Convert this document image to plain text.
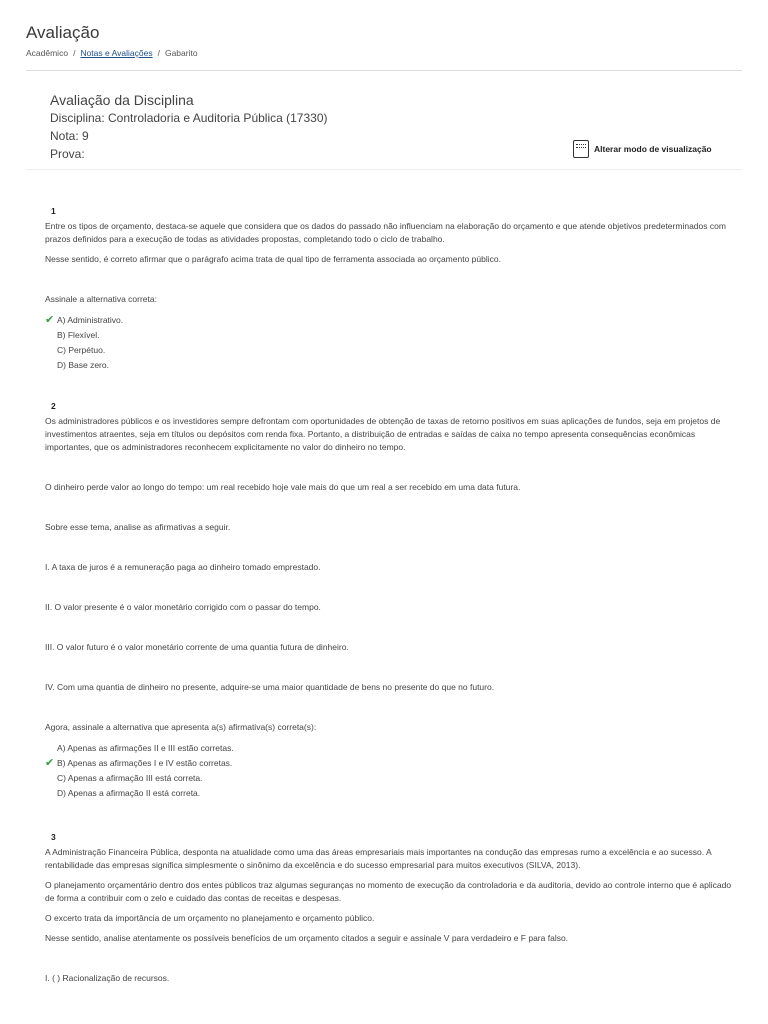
Avaliação
Acadêmico / Notas e Avaliações / Gabarito
Avaliação da Disciplina
Disciplina: Controladoria e Auditoria Pública (17330)
Nota: 9
Prova:	Alterar modo de visualização
1
Entre os tipos de orçamento, destaca-se aquele que considera que os dados do passado não influenciam na elaboração do orçamento e que atende objetivos predeterminados com prazos definidos para a execução de todas as atividades propostas, completando todo o ciclo de trabalho.
Nesse sentido, é correto afirmar que o parágrafo acima trata de qual tipo de ferramenta associada ao orçamento público.
Assinale a alternativa correta:
✔ A) Administrativo.
B) Flexível.
C) Perpétuo.
D) Base zero.
2
Os administradores públicos e os investidores sempre defrontam com oportunidades de obtenção de taxas de retorno positivos em suas aplicações de fundos, seja em projetos de investimentos atraentes, seja em títulos ou depósitos com renda fixa. Portanto, a distribuição de entradas e saídas de caixa no tempo apresenta consequências econômicas importantes, que os administradores reconhecem explicitamente no valor do dinheiro no tempo.
O dinheiro perde valor ao longo do tempo: um real recebido hoje vale mais do que um real a ser recebido em uma data futura.
Sobre esse tema, analise as afirmativas a seguir.
I. A taxa de juros é a remuneração paga ao dinheiro tomado emprestado.
II. O valor presente é o valor monetário corrigido com o passar do tempo.
III. O valor futuro é o valor monetário corrente de uma quantia futura de dinheiro.
IV. Com uma quantia de dinheiro no presente, adquire-se uma maior quantidade de bens no presente do que no futuro.
Agora, assinale a alternativa que apresenta a(s) afirmativa(s) correta(s):
A) Apenas as afirmações II e III estão corretas.
✔ B) Apenas as afirmações I e IV estão corretas.
C) Apenas a afirmação III está correta.
D) Apenas a afirmação II está correta.
3
A Administração Financeira Pública, desponta na atualidade como uma das áreas empresariais mais importantes na condução das empresas rumo a excelência e ao sucesso. A rentabilidade das empresas significa simplesmente o sinônimo da excelência e do sucesso empresarial para muitos executivos (SILVA, 2013).
O planejamento orçamentário dentro dos entes públicos traz algumas seguranças no momento de execução da controladoria e da auditoria, devido ao controle interno que é aplicado de forma a contribuir com o zelo e cuidado das contas de receitas e despesas.
O excerto trata da importância de um orçamento no planejamento e orçamento público.
Nesse sentido, analise atentamente os possíveis benefícios de um orçamento citados a seguir e assinale V para verdadeiro e F para falso.
I. ( ) Racionalização de recursos.
